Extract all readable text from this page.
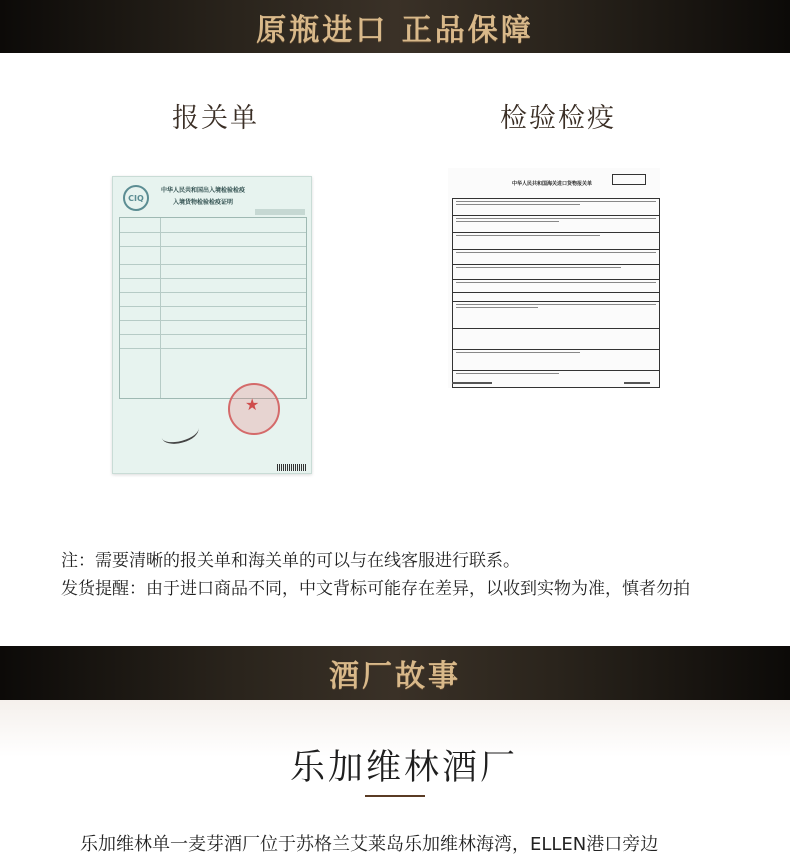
原瓶进口 正品保障
报关单	检验检疫
CIQ
中华人民共和国出入境检验检疫
入境货物检验检疫证明
★
中华人民共和国海关进口货物报关单
注：需要清晰的报关单和海关单的可以与在线客服进行联系。
发货提醒：由于进口商品不同，中文背标可能存在差异，以收到实物为准，慎者勿拍
酒厂故事
乐加维林酒厂
乐加维林单一麦芽酒厂位于苏格兰艾莱岛乐加维林海湾，ELLEN港口旁边
